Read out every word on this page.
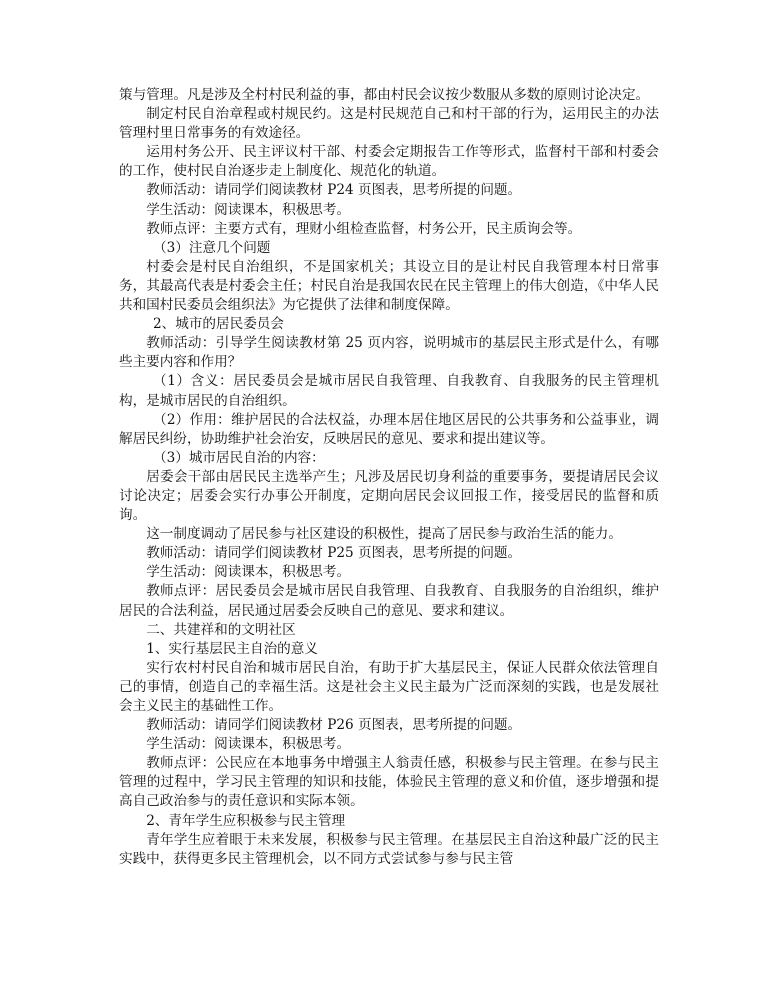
策与管理。凡是涉及全村村民利益的事，都由村民会议按少数服从多数的原则讨论决定。

制定村民自治章程或村规民约。这是村民规范自己和村干部的行为，运用民主的办法管理村里日常事务的有效途径。

运用村务公开、民主评议村干部、村委会定期报告工作等形式，监督村干部和村委会的工作，使村民自治逐步走上制度化、规范化的轨道。

教师活动：请同学们阅读教材 P24 页图表，思考所提的问题。

学生活动：阅读课本，积极思考。

教师点评：主要方式有，理财小组检查监督，村务公开，民主质询会等。

（3）注意几个问题

村委会是村民自治组织，不是国家机关；其设立目的是让村民自我管理本村日常事务，其最高代表是村委会主任；村民自治是我国农民在民主管理上的伟大创造，《中华人民共和国村民委员会组织法》为它提供了法律和制度保障。

2、城市的居民委员会

教师活动：引导学生阅读教材第 25 页内容，说明城市的基层民主形式是什么，有哪些主要内容和作用？

（1）含义：居民委员会是城市居民自我管理、自我教育、自我服务的民主管理机构，是城市居民的自治组织。

（2）作用：维护居民的合法权益，办理本居住地区居民的公共事务和公益事业，调解居民纠纷，协助维护社会治安，反映居民的意见、要求和提出建议等。

（3）城市居民自治的内容：

居委会干部由居民民主选举产生；凡涉及居民切身利益的重要事务，要提请居民会议讨论决定；居委会实行办事公开制度，定期向居民会议回报工作，接受居民的监督和质询。

这一制度调动了居民参与社区建设的积极性，提高了居民参与政治生活的能力。

教师活动：请同学们阅读教材 P25 页图表，思考所提的问题。

学生活动：阅读课本，积极思考。

教师点评：居民委员会是城市居民自我管理、自我教育、自我服务的自治组织，维护居民的合法利益，居民通过居委会反映自己的意见、要求和建议。

二、共建祥和的文明社区

1、实行基层民主自治的意义

实行农村村民自治和城市居民自治，有助于扩大基层民主，保证人民群众依法管理自己的事情，创造自己的幸福生活。这是社会主义民主最为广泛而深刻的实践，也是发展社会主义民主的基础性工作。

教师活动：请同学们阅读教材 P26 页图表，思考所提的问题。

学生活动：阅读课本，积极思考。

教师点评：公民应在本地事务中增强主人翁责任感，积极参与民主管理。在参与民主管理的过程中，学习民主管理的知识和技能，体验民主管理的意义和价值，逐步增强和提高自己政治参与的责任意识和实际本领。

2、青年学生应积极参与民主管理

青年学生应着眼于未来发展，积极参与民主管理。在基层民主自治这种最广泛的民主实践中，获得更多民主管理机会，以不同方式尝试参与参与民主管
